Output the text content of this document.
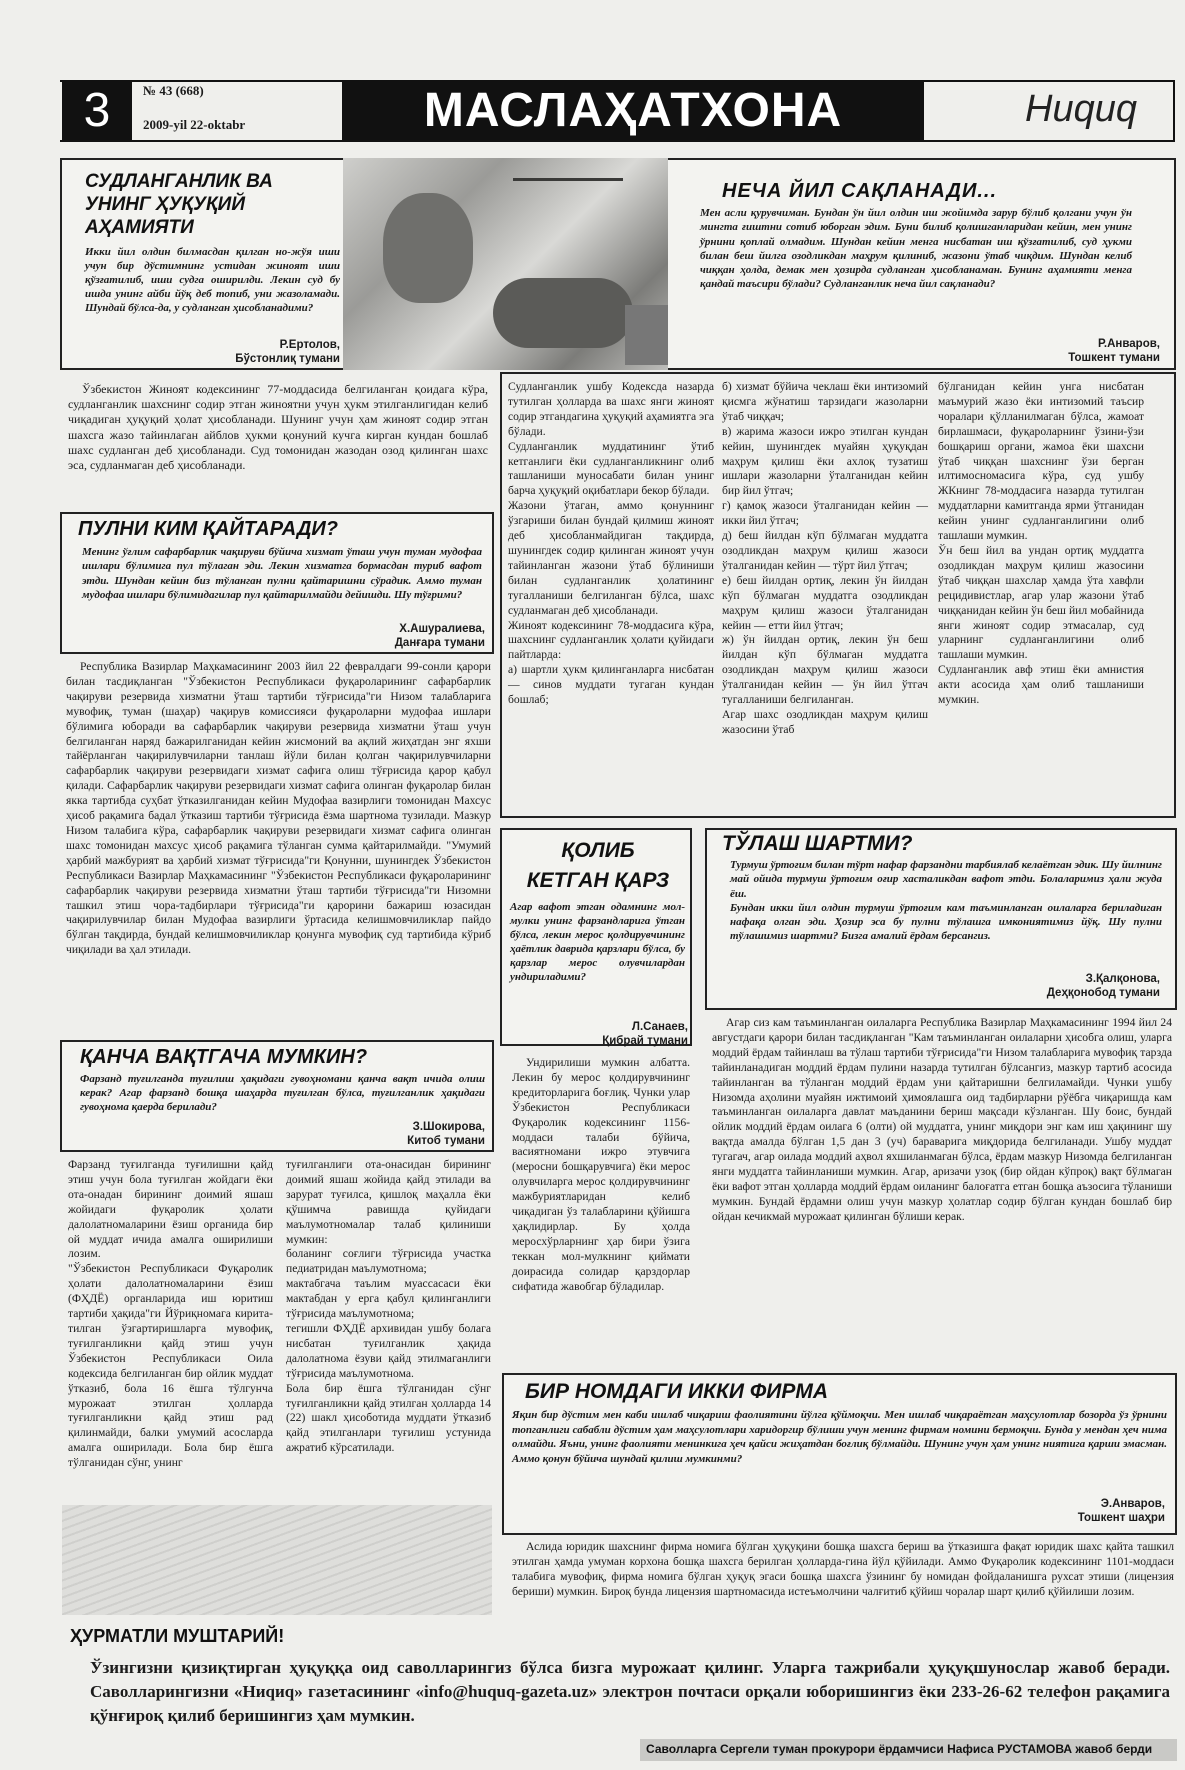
3	№ 43 (668)
2009-yil 22-oktabr	МАСЛАҲАТХОНА	Ниqиq
СУДЛАНГАНЛИК ВА
УНИНГ ҲУҚУҚИЙ
АҲАМИЯТИ
Икки йил олдин билмасдан қилган но-жўя иши учун бир дўстимнинг устидан жиноят иши қўзғатилиб, иши судга оширилди. Лекин суд бу ишда унинг айби йўқ деб топиб, уни жазоламади. Шундай бўлса-да, у судланган ҳисобланадими?
Р.Ертолов,
Бўстонлиқ тумани
Ўзбекистон Жиноят кодексининг 77-моддасида белгиланган қоидага кўра, судланганлик шахснинг содир этган жиноятни учун ҳукм этилганлигидан келиб чиқадиган ҳуқуқий ҳолат ҳисобланади. Шунинг учун ҳам жиноят содир этган шахсга жазо тайинлаган айблов ҳукми қонуний кучга кирган кундан бошлаб шахс судланган деб ҳисобланади. Суд томонидан жазодан озод қилинган шахс эса, судланмаган деб ҳисобланади.
НЕЧА ЙИЛ САҚЛАНАДИ...
Мен асли қурувчиман. Бундан ўн йил олдин иш жойимда зарур бўлиб қолгани учун ўн мингта ғиштни сотиб юборган эдим. Буни билиб қолишганларидан кейин, мен унинг ўрнини қоплай олмадим. Шундан кейин менга нисбатан иш қўзғатилиб, суд ҳукми билан беш йилга озодликдан маҳрум қилиниб, жазони ўтаб чиқдим. Шундан келиб чиққан ҳолда, демак мен ҳозирда судланган ҳисобланаман. Бунинг аҳамияти менга қандай таъсири бўлади? Судланганлик неча йил сақланади?
Р.Анваров,
Тошкент тумани
Судланганлик ушбу Кодексда назарда тутилган ҳолларда ва шахс янги жиноят содир этгандагина ҳуқуқий аҳамиятга эга бўлади.
Судланганлик муддатининг ўтиб кетганлиги ёки судланганликнинг олиб ташланиши муносабати билан унинг барча ҳуқуқий оқибатлари бекор бўлади.
Жазони ўтаган, аммо қонуннинг ўзгариши билан бундай қилмиш жиноят деб ҳисобланмайдиган тақдирда, шунингдек содир қилинган жиноят учун тайинланган жазони ўтаб бўлиниши билан судланганлик ҳолатининг тугалланиши белгиланган бўлса, шахс судланмаган деб ҳисобланади.
Жиноят кодексининг 78-моддасига кўра, шахснинг судланганлик ҳолати қуйидаги пайтларда:
а) шартли ҳукм қилинганларга нисбатан — синов муддати тугаган кундан бошлаб;
б) хизмат бўйича чеклаш ёки интизомий қисмга жўнатиш тарзидаги жазоларни ўтаб чиққач;
в) жарима жазоси ижро этилган кундан кейин, шунингдек муайян ҳуқуқдан маҳрум қилиш ёки ахлоқ тузатиш ишлари жазоларни ўталганидан кейин бир йил ўтгач;
г) қамоқ жазоси ўталганидан кейин — икки йил ўтгач;
д) беш йилдан кўп бўлмаган муддатга озодликдан маҳрум қилиш жазоси ўталганидан кейин — тўрт йил ўтгач;
е) беш йилдан ортиқ, лекин ўн йилдан кўп бўлмаган муддатга озодликдан маҳрум қилиш жазоси ўталганидан кейин — етти йил ўтгач;
ж) ўн йилдан ортиқ, лекин ўн беш йилдан кўп бўлмаган муддатга озодликдан маҳрум қилиш жазоси ўталганидан кейин — ўн йил ўтгач тугалланиши белгиланган.
Агар шахс озодликдан маҳрум қилиш жазосини ўтаб
бўлганидан кейин унга нисбатан маъмурий жазо ёки интизомий таъсир чоралари қўлланилмаган бўлса, жамоат бирлашмаси, фуқароларнинг ўзини-ўзи бошқариш органи, жамоа ёки шахсни ўтаб чиққан шахснинг ўзи берган илтимосномасига кўра, суд ушбу ЖКнинг 78-моддасига назарда тутилган муддатларни камитганда ярми ўтганидан кейин унинг судланганлигини олиб ташлаши мумкин.
Ўн беш йил ва ундан ортиқ муддатга озодликдан маҳрум қилиш жазосини ўтаб чиққан шахслар ҳамда ўта хавфли рецидивистлар, агар улар жазони ўтаб чиққанидан кейин ўн беш йил мобайнида янги жиноят содир этмасалар, суд уларнинг судланганлигини олиб ташлаши мумкин.
Судланганлик авф этиш ёки амнистия акти асосида ҳам олиб ташланиши мумкин.
ПУЛНИ КИМ ҚАЙТАРАДИ?
Менинг ўғлим сафарбарлик чақируви бўйича хизмат ўташ учун туман мудофаа ишлари бўлимига пул тўлаган эди. Лекин хизматга бормасдан туриб вафот этди. Шундан кейин биз тўланган пулни қайтаришни сўрадик. Аммо туман мудофаа ишлари бўлимидагилар пул қайтарилмайди дейишди. Шу тўғрими?
Х.Ашуралиева,
Данғара тумани
Республика Вазирлар Маҳкамасининг 2003 йил 22 февралдаги 99-сонли қарори билан тасдиқланган "Ўзбекистон Республикаси фуқароларининг сафарбарлик чақируви резервида хизматни ўташ тартиби тўғрисида"ги Низом талабларига мувофиқ, туман (шаҳар) чақирув комиссияси фуқароларни мудофаа ишлари бўлимига юборади ва сафарбарлик чақируви резервида хизматни ўташ учун белгиланган наряд бажарилганидан кейин жисмоний ва ақлий жиҳатдан энг яхши тайёрланган чақирилувчиларни танлаш йўли билан қолган чақирилувчиларни сафарбарлик чақируви резервидаги хизмат сафига олиш тўғрисида қарор қабул қилади. Сафарбарлик чақируви резервидаги хизмат сафига олинган фуқаролар билан якка тартибда суҳбат ўтказилганидан кейин Мудофаа вазирлиги томонидан Махсус ҳисоб рақамига бадал ўтказиш тартиби тўғрисида ёзма шартнома тузилади. Мазкур Низом талабига кўра, сафарбарлик чақируви резервидаги хизмат сафига олинган шахс томонидан махсус ҳисоб рақамига тўланган сумма қайтарилмайди. "Умумий ҳарбий мажбурият ва ҳарбий хизмат тўғрисида"ги Қонунни, шунингдек Ўзбекистон Республикаси Вазирлар Маҳкамасининг "Ўзбекистон Республикаси фуқароларининг сафарбарлик чақируви резервида хизматни ўташ тартиби тўғрисида"ги Низомни ташкил этиш чора-тадбирлари тўғрисида"ги қарорини бажариш юзасидан чақирилувчилар билан Мудофаа вазирлиги ўртасида келишмовчиликлар пайдо бўлган тақдирда, бундай келишмовчиликлар қонунга мувофиқ суд тартибида кўриб чиқилади ва ҳал этилади.
ҚОЛИБ
КЕТГАН ҚАРЗ
Агар вафот этган одамнинг мол-мулки унинг фарзандларига ўтган бўлса, лекин мерос қолдирувчининг ҳаётлик даврида қарзлари бўлса, бу қарзлар мерос олувчилардан ундириладими?
Л.Санаев,
Қибрай тумани
Ундирилиши мумкин албатта. Лекин бу мерос қолдирувчининг кредиторларига боғлиқ. Чунки улар Ўзбекистон Республикаси Фуқаролик кодексининг 1156-моддаси талаби бўйича, васиятномани ижро этувчига (меросни бошқарувчига) ёки мерос олувчиларга мерос қолдирувчининг мажбуриятларидан келиб чиқадиган ўз талабларини қўйишга ҳақлидирлар. Бу ҳолда меросхўрларнинг ҳар бири ўзига теккан мол-мулкнинг қиймати доирасида солидар қарздорлар сифатида жавобгар бўладилар.
ТЎЛАШ ШАРТМИ?
Турмуш ўртоғим билан тўрт нафар фарзандни тарбиялаб келаётган эдик. Шу йилнинг май ойида турмуш ўртоғим оғир хасталикдан вафот этди. Болаларимиз ҳали жуда ёш.
Бундан икки йил олдин турмуш ўртоғим кам таъминланган оилаларга бериладиган нафақа олган эди. Ҳозир эса бу пулни тўлашга имкониятимиз йўқ. Шу пулни тўлашимиз шартми? Бизга амалий ёрдам берсангиз.
З.Қалқонова,
Деҳқонобод тумани
Агар сиз кам таъминланган оилаларга Республика Вазирлар Маҳкамасининг 1994 йил 24 августдаги қарори билан тасдиқланган "Кам таъминланган оилаларни ҳисобга олиш, уларга моддий ёрдам тайинлаш ва тўлаш тартиби тўғрисида"ги Низом талабларига мувофиқ тарзда тайинланадиган моддий ёрдам пулини назарда тутилган бўлсангиз, мазкур тартиб асосида тайинланган ва тўланган моддий ёрдам уни қайтаришни белгиламайди. Чунки ушбу Низомда аҳолини муайян ижтимоий ҳимоялашга оид тадбирларни рўёбга чиқаришда кам таъминланган оилаларга давлат маъданини бериш мақсади кўзланган. Шу боис, бундай ойлик моддий ёрдам оилага 6 (олти) ой муддатга, унинг миқдори энг кам иш ҳақининг шу вақтда амалда бўлган 1,5 дан 3 (уч) бараварига миқдорида белгиланади. Ушбу муддат тугагач, агар оилада моддий аҳвол яхшиланмаган бўлса, ёрдам мазкур Низомда белгиланган янги муддатга тайинланиши мумкин. Агар, аризачи узоқ (бир ойдан кўпроқ) вақт бўлмаган ёки вафот этган ҳолларда моддий ёрдам оиланинг балоғатга етган бошқа аъзосига тўланиши мумкин. Бундай ёрдамни олиш учун мазкур ҳолатлар содир бўлган кундан бошлаб бир ойдан кечикмай мурожаат қилинган бўлиши керак.
ҚАНЧА ВАҚТГАЧА МУМКИН?
Фарзанд туғилганда туғилиш ҳақидаги гувоҳномани қанча вақт ичида олиш керак? Агар фарзанд бошқа шаҳарда туғилган бўлса, туғилганлик ҳақидаги гувоҳнома қаерда берилади?
З.Шокирова,
Китоб тумани
Фарзанд туғилганда туғилишни қайд этиш учун бола туғилган жойдаги ёки ота-онадан бирининг доимий яшаш жойидаги фуқаролик ҳолати далолатномаларини ёзиш органида бир ой муддат ичида амалга оширилиши лозим.
"Ўзбекистон Республикаси Фуқаролик ҳолати далолатномаларини ёзиш (ФҲДЁ) органларида иш юритиш тартиби ҳақида"ги Йўриқномага кирита-тилган ўзгартиришларга мувофиқ, туғилганликни қайд этиш учун Ўзбекистон Республикаси Оила кодексида белгиланган бир ойлик муддат ўтказиб, бола 16 ёшга тўлгунча мурожаат этилган ҳолларда туғилганликни қайд этиш рад қилинмайди, балки умумий асосларда амалга оширилади. Бола бир ёшга тўлганидан сўнг, унинг
туғилганлиги ота-онасидан бирининг доимий яшаш жойида қайд этилади ва зарурат туғилса, қишлоқ маҳалла ёки қўшимча равишда қуйидаги маълумотномалар талаб қилиниши мумкин:
боланинг соғлиги тўғрисида участка педиатридан маълумотнома;
мактабгача таълим муассасаси ёки мактабдан у ерга қабул қилинганлиги тўғрисида маълумотнома;
тегишли ФҲДЁ архивидан ушбу болага нисбатан туғилганлик ҳақида далолатнома ёзуви қайд этилмаганлиги тўғрисида маълумотнома.
Бола бир ёшга тўлганидан сўнг туғилганликни қайд этилган ҳолларда 14 (22) шакл ҳисоботида муддати ўтказиб қайд этилганлари туғилиш устунида ажратиб кўрсатилади.
БИР НОМДАГИ ИККИ ФИРМА
Яқин бир дўстим мен каби ишлаб чиқариш фаолиятини йўлга қўймоқчи. Мен ишлаб чиқараётган маҳсулотлар бозорда ўз ўрнини топганлиги сабабли дўстим ҳам маҳсулотлари харидоргир бўлиши учун менинг фирмам номини бермоқчи. Бунда у мендан ҳеч нима олмайди. Яъни, унинг фаолияти менинкига ҳеч қайси жиҳатдан боғлиқ бўлмайди. Шунинг учун ҳам унинг ниятига қарши эмасман. Аммо қонун бўйича шундай қилиш мумкинми?
Э.Анваров,
Тошкент шаҳри
Аслида юридик шахснинг фирма номига бўлган ҳуқуқини бошқа шахсга бериш ва ўтказишга фақат юридик шахс қайта ташкил этилган ҳамда умуман корхона бошқа шахсга берилган ҳолларда-гина йўл қўйилади. Аммо Фуқаролик кодексининг 1101-моддаси талабига мувофиқ, фирма номига бўлган ҳуқуқ эгаси бошқа шахсга ўзининг бу номидан фойдаланишга рухсат этиши (лицензия бериши) мумкин. Бироқ бунда лицензия шартномасида истеъмолчини чалғитиб қўйиш чоралар шарт қилиб қўйилиши лозим.
ҲУРМАТЛИ МУШТАРИЙ!
Ўзингизни қизиқтирган ҳуқуққа оид саволларингиз бўлса бизга мурожаат қилинг. Уларга тажрибали ҳуқуқшунослар жавоб беради. Саволларингизни «Ниqиq» газетасининг «info@huquq-gazeta.uz» электрон почтаси орқали юборишингиз ёки 233-26-62 телефон рақамига қўнғироқ қилиб беришингиз ҳам мумкин.
Саволларга Сергели туман прокурори ёрдамчиси Нафиса РУСТАМОВА жавоб берди
